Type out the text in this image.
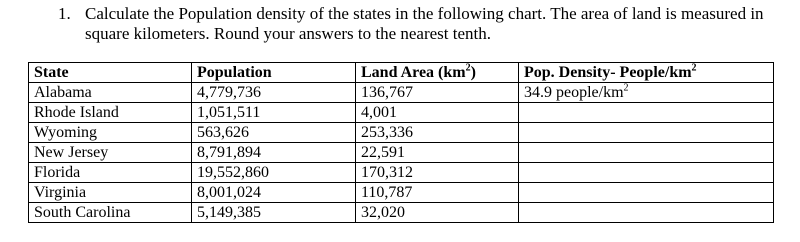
1. Calculate the Population density of the states in the following chart. The area of land is measured in square kilometers. Round your answers to the nearest tenth.
State	Population	Land Area $(km^2)$	Pop. Density- People/$km^2$
Alabama	4,779,736	136,767	34.9 people/$km^2$
Rhode Island	1,051,511	4,001	
Wyoming	563,626	253,336	
New Jersey	8,791,894	22,591	
Florida	19,552,860	170,312	
Virginia	8,001,024	110,787	
South Carolina	5,149,385	32,020	
